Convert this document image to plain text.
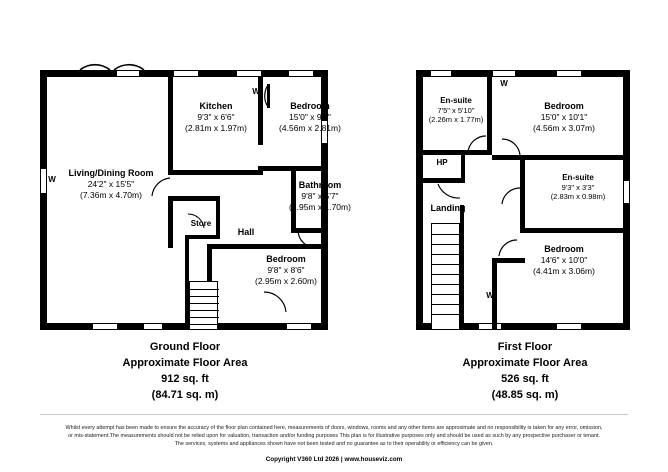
W
W
Kitchen
9'3" x 6'6"
(2.81m x 1.97m)
Bedroom
15'0" x 9'3"
(4.56m x 2.81m)
Living/Dining Room
24'2" x 15'5"
(7.36m x 4.70m)
Bathroom
9'8" x 5'7"
(2.95m x 1.70m)
Bedroom
9'8" x 8'6"
(2.95m x 2.60m)
Store
Hall
Ground Floor
Approximate Floor Area
912 sq. ft
(84.71 sq. m)
W
W
En-suite
7'5" x 5'10"
(2.26m x 1.77m)
Bedroom
15'0" x 10'1"
(4.56m x 3.07m)
En-suite
9'3" x 3'3"
(2.83m x 0.98m)
Bedroom
14'6" x 10'0"
(4.41m x 3.06m)
Landing
HP
First Floor
Approximate Floor Area
526 sq. ft
(48.85 sq. m)
Whilst every attempt has been made to ensure the accuracy of the floor plan contained here, measurements of doors, windows, rooms and any other items are approximate and no responsibility is taken for any error, omission,
or mis-statement.The measurements should not be relied upon for valuation, transaction and/or funding purposes This plan is for illustrative purposes only and should be used as such by any prospective purchaser or tenant.
The services, systems and appliances shown have not been tested and no guarantee as to their operability or efficiency can be given.
Copyright V360 Ltd 2026 | www.houseviz.com
